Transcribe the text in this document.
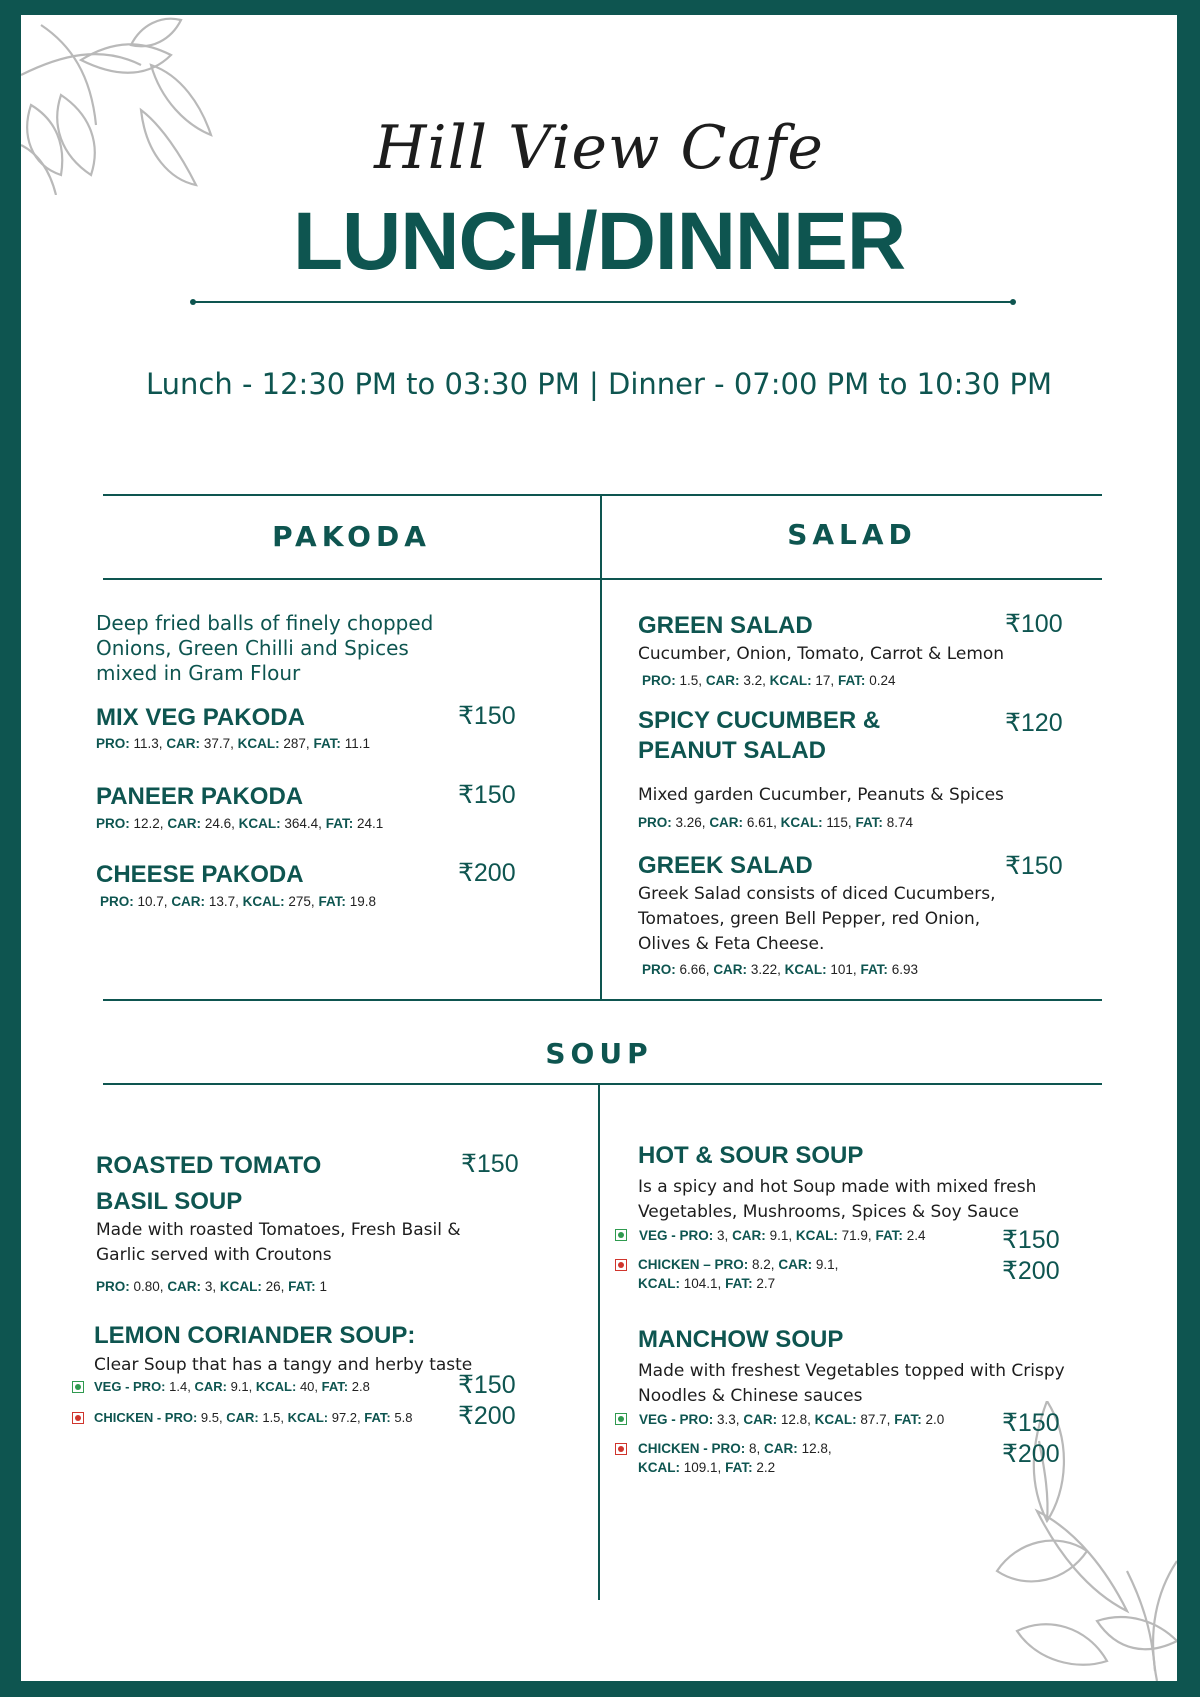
Hill View Cafe
LUNCH/DINNER
Lunch - 12:30 PM to 03:30 PM | Dinner - 07:00 PM to 10:30 PM
PAKODA	SALAD
SOUP
Deep fried balls of finely chopped
Onions, Green Chilli and Spices
mixed in Gram Flour
MIX VEG PAKODA	₹150
PRO: 11.3, CAR: 37.7, KCAL: 287, FAT: 11.1
PANEER PAKODA	₹150
PRO: 12.2, CAR: 24.6, KCAL: 364.4, FAT: 24.1
CHEESE PAKODA	₹200
PRO: 10.7, CAR: 13.7, KCAL: 275, FAT: 19.8
GREEN SALAD	₹100
Cucumber, Onion, Tomato, Carrot & Lemon
PRO: 1.5, CAR: 3.2, KCAL: 17, FAT: 0.24
SPICY CUCUMBER &
PEANUT SALAD
₹120
Mixed garden Cucumber, Peanuts & Spices
PRO: 3.26, CAR: 6.61, KCAL: 115, FAT: 8.74
GREEK SALAD	₹150
Greek Salad consists of diced Cucumbers,
Tomatoes, green Bell Pepper, red Onion,
Olives & Feta Cheese.
PRO: 6.66, CAR: 3.22, KCAL: 101, FAT: 6.93
ROASTED TOMATO
BASIL SOUP
₹150
Made with roasted Tomatoes, Fresh Basil &
Garlic served with Croutons
PRO: 0.80, CAR: 3, KCAL: 26, FAT: 1
LEMON CORIANDER SOUP:
Clear Soup that has a tangy and herby taste
VEG - PRO: 1.4, CAR: 9.1, KCAL: 40, FAT: 2.8	₹150
CHICKEN - PRO: 9.5, CAR: 1.5, KCAL: 97.2, FAT: 5.8 ₹200
HOT & SOUR SOUP
Is a spicy and hot Soup made with mixed fresh
Vegetables, Mushrooms, Spices & Soy Sauce
VEG - PRO: 3, CAR: 9.1, KCAL: 71.9, FAT: 2.4	₹150
CHICKEN – PRO: 8.2, CAR: 9.1,
KCAL: 104.1, FAT: 2.7	₹200
MANCHOW SOUP
Made with freshest Vegetables topped with Crispy
Noodles & Chinese sauces
VEG - PRO: 3.3, CAR: 12.8, KCAL: 87.7, FAT: 2.0 ₹150
CHICKEN - PRO: 8, CAR: 12.8,
KCAL: 109.1, FAT: 2.2	₹200
